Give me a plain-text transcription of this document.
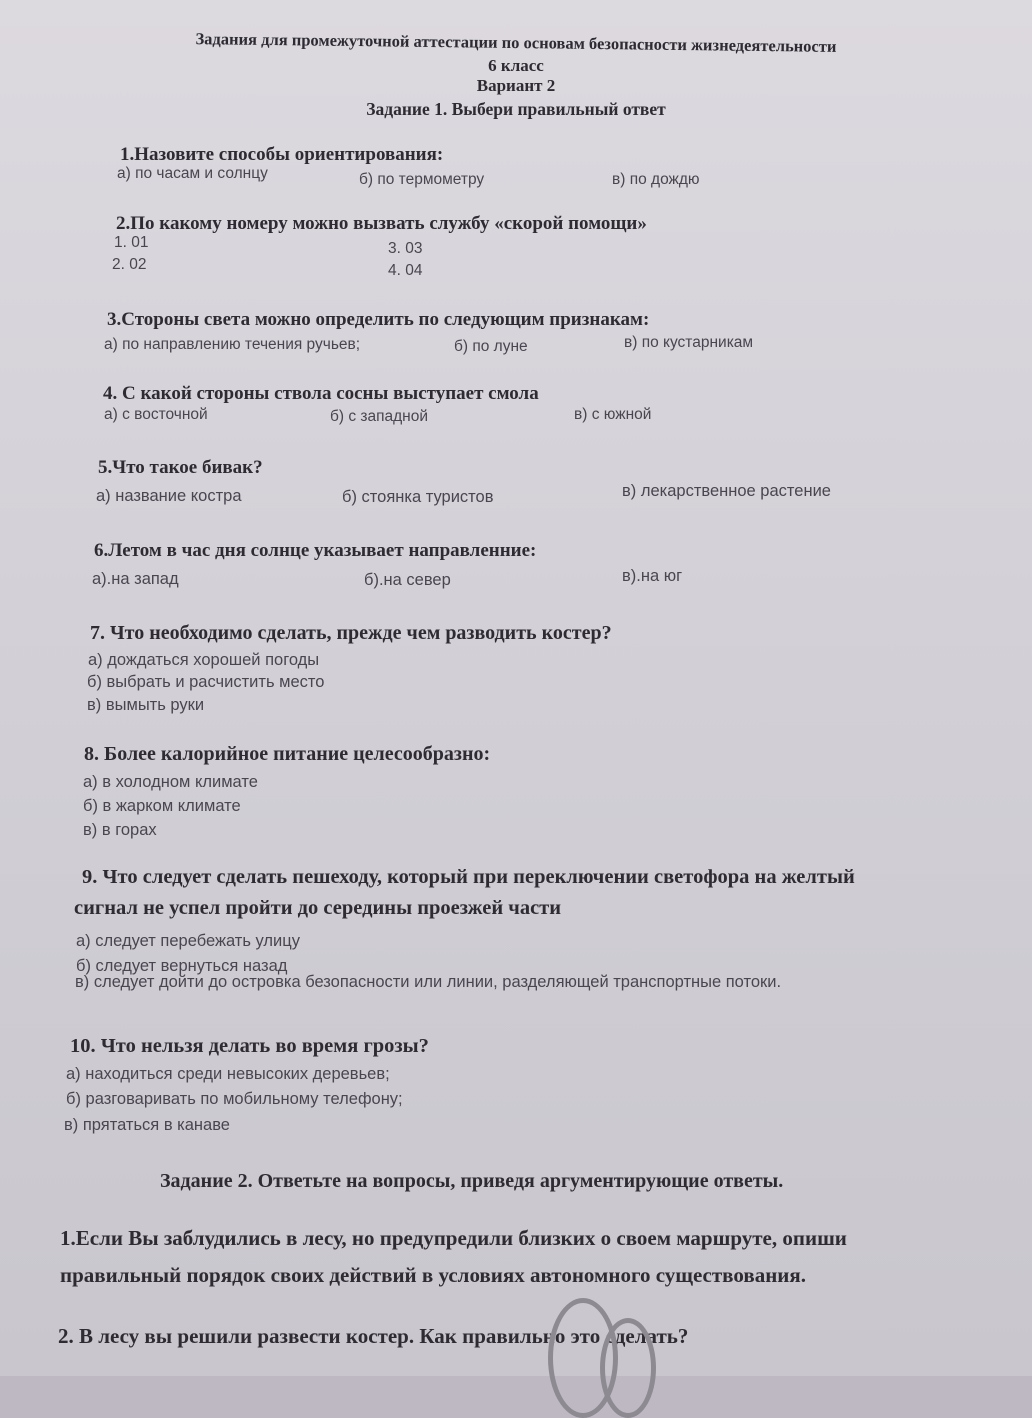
Задания для промежуточной аттестации по основам безопасности жизнедеятельности
6 класс
Вариант 2
Задание 1. Выбери правильный ответ
1.Назовите способы ориентирования:
а) по часам и солнцу	б) по термометру	в) по дождю
2.По какому номеру можно вызвать службу «скорой помощи»
1. 01
2. 02
3. 03
4. 04
3.Стороны света можно определить по следующим признакам:
а) по направлению течения ручьев;	б) по луне	в) по кустарникам
4. С какой стороны ствола сосны выступает смола
а) с восточной	б) с западной	в) с южной
5.Что такое бивак?
а) название костра	б) стоянка туристов	в) лекарственное растение
6.Летом в час дня солнце указывает направленние:
а).на запад	б).на север	в).на юг
7. Что необходимо сделать, прежде чем разводить костер?
а) дождаться хорошей погоды
б) выбрать и расчистить место
в) вымыть руки
8. Более калорийное питание целесообразно:
а) в холодном климате
б) в жарком климате
в) в горах
9. Что следует сделать пешеходу, который при переключении светофора на желтый
сигнал не успел пройти до середины проезжей части
а) следует перебежать улицу
б) следует вернуться назад
в) следует дойти до островка безопасности или линии, разделяющей транспортные потоки.
10. Что нельзя делать во время грозы?
а) находиться среди невысоких деревьев;
б) разговаривать по мобильному телефону;
в) прятаться в канаве
Задание 2. Ответьте на вопросы, приведя аргументирующие ответы.
1.Если Вы заблудились в лесу, но предупредили близких о своем маршруте, опиши
правильный порядок своих действий в условиях автономного существования.
2. В лесу вы решили развести костер. Как правильно это сделать?
